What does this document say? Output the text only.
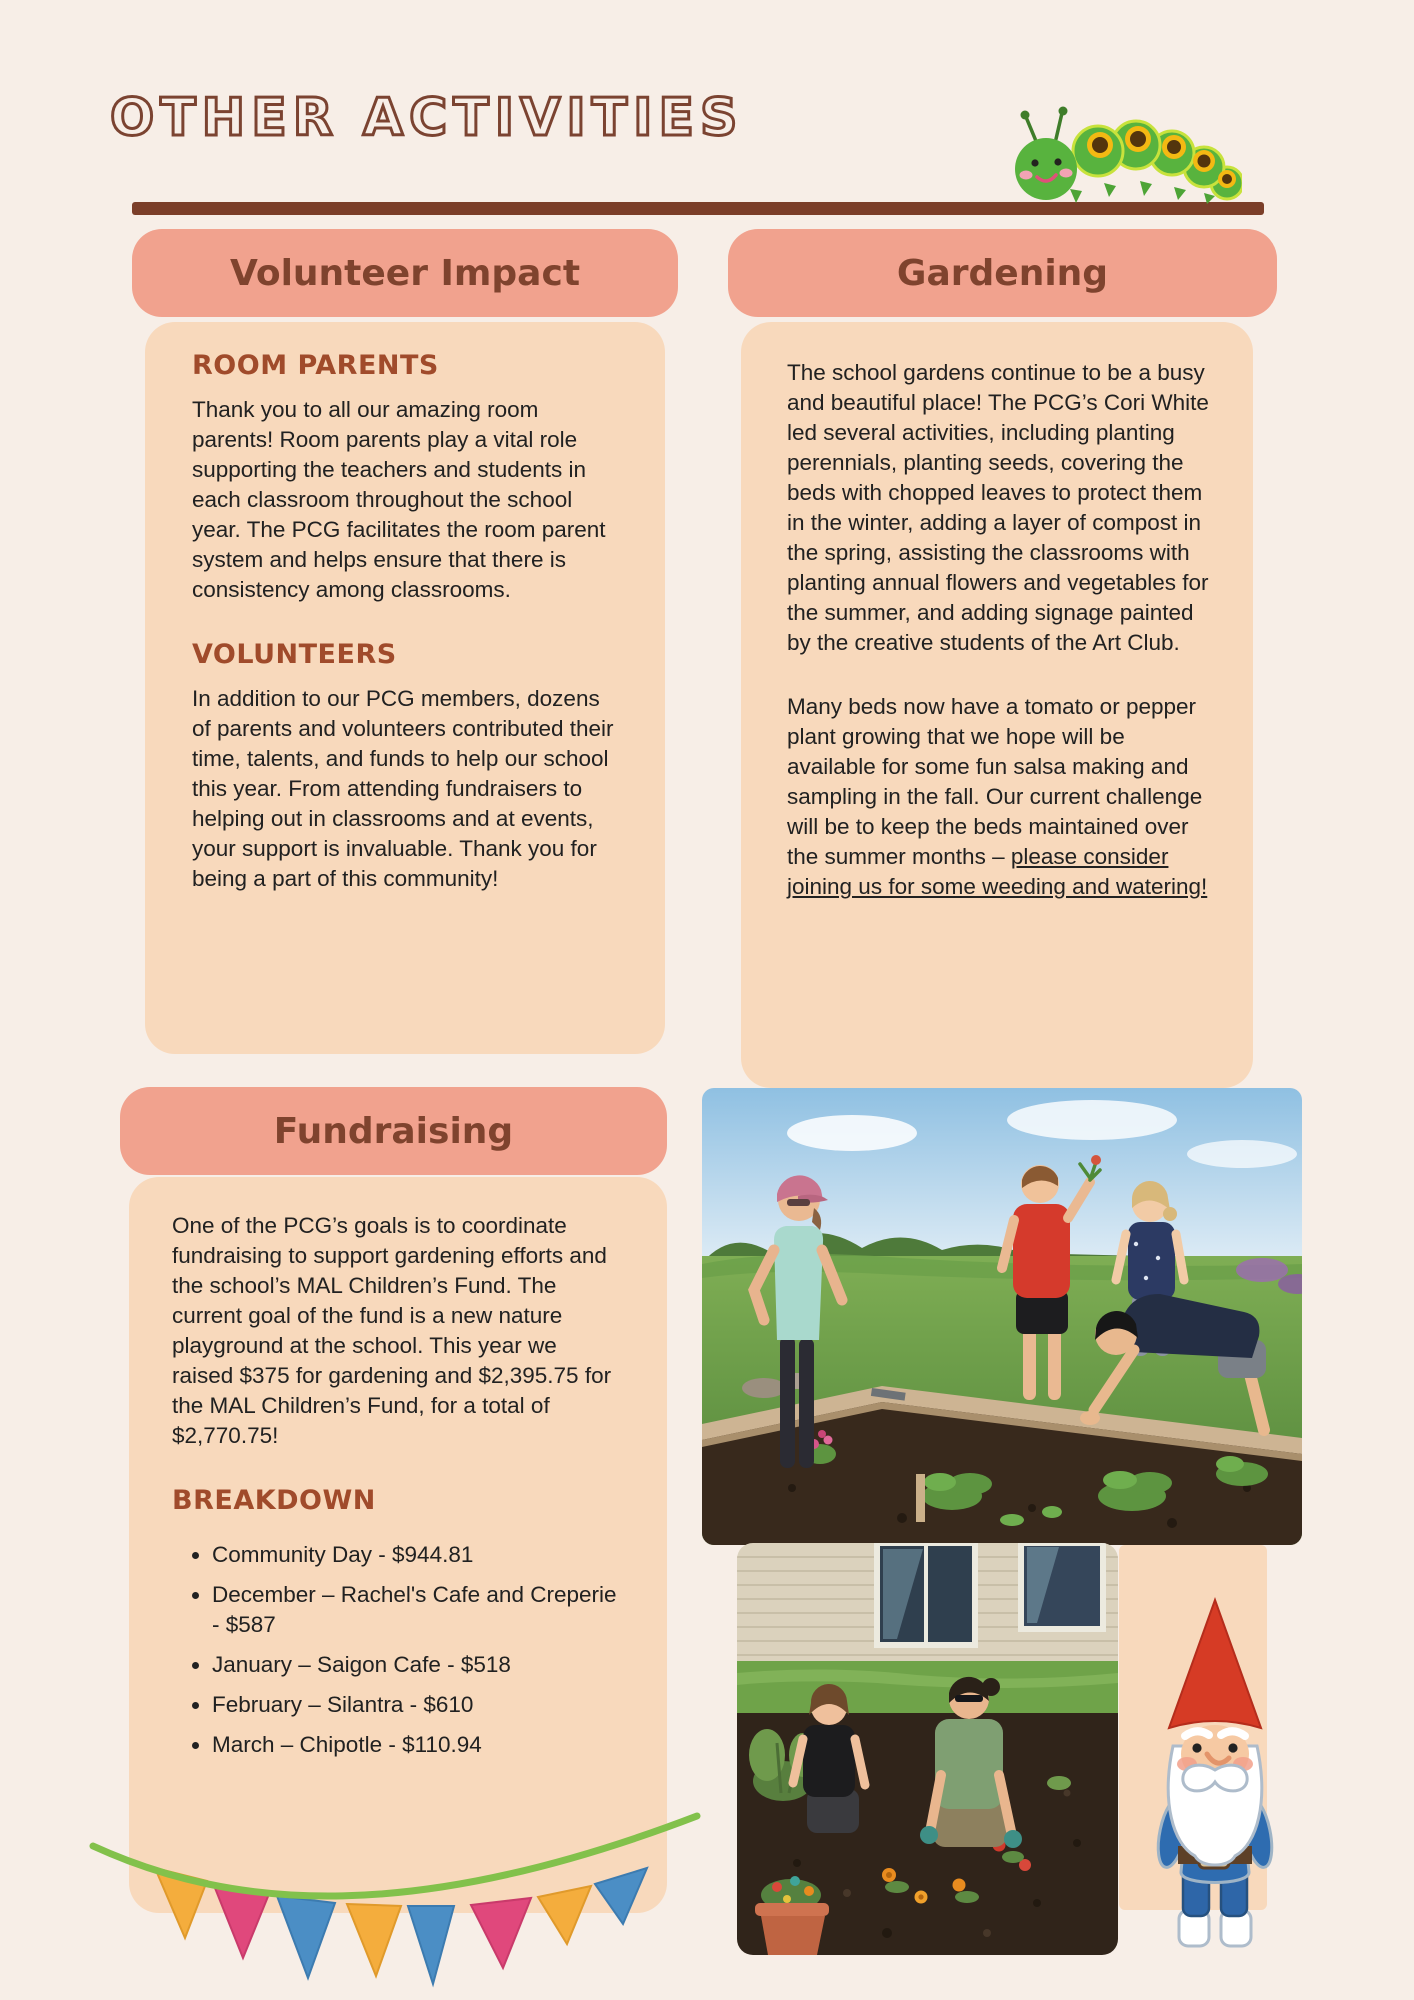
OTHER ACTIVITIES
Volunteer Impact
ROOM PARENTS

Thank you to all our amazing room parents! Room parents play a vital role supporting the teachers and students in each classroom throughout the school year. The PCG facilitates the room parent system and helps ensure that there is consistency among classrooms.

VOLUNTEERS

In addition to our PCG members, dozens of parents and volunteers contributed their time, talents, and funds to help our school this year. From attending fundraisers to helping out in classrooms and at events, your support is invaluable. Thank you for being a part of this community!

Gardening

The school gardens continue to be a busy and beautiful place! The PCG’s Cori White led several activities, including planting perennials, planting seeds, covering the beds with chopped leaves to protect them in the winter, adding a layer of compost in the spring, assisting the classrooms with planting annual flowers and vegetables for the summer, and adding signage painted by the creative students of the Art Club.

Many beds now have a tomato or pepper plant growing that we hope will be available for some fun salsa making and sampling in the fall. Our current challenge will be to keep the beds maintained over the summer months – please consider joining us for some weeding and watering!

Fundraising

One of the PCG’s goals is to coordinate fundraising to support gardening efforts and the school’s MAL Children’s Fund. The current goal of the fund is a new nature playground at the school. This year we raised $375 for gardening and $2,395.75 for the MAL Children’s Fund, for a total of $2,770.75!

BREAKDOWN
• Community Day - $944.81
• December – Rachel's Cafe and Creperie - $587
• January – Saigon Cafe - $518
• February – Silantra - $610
• March – Chipotle - $110.94
